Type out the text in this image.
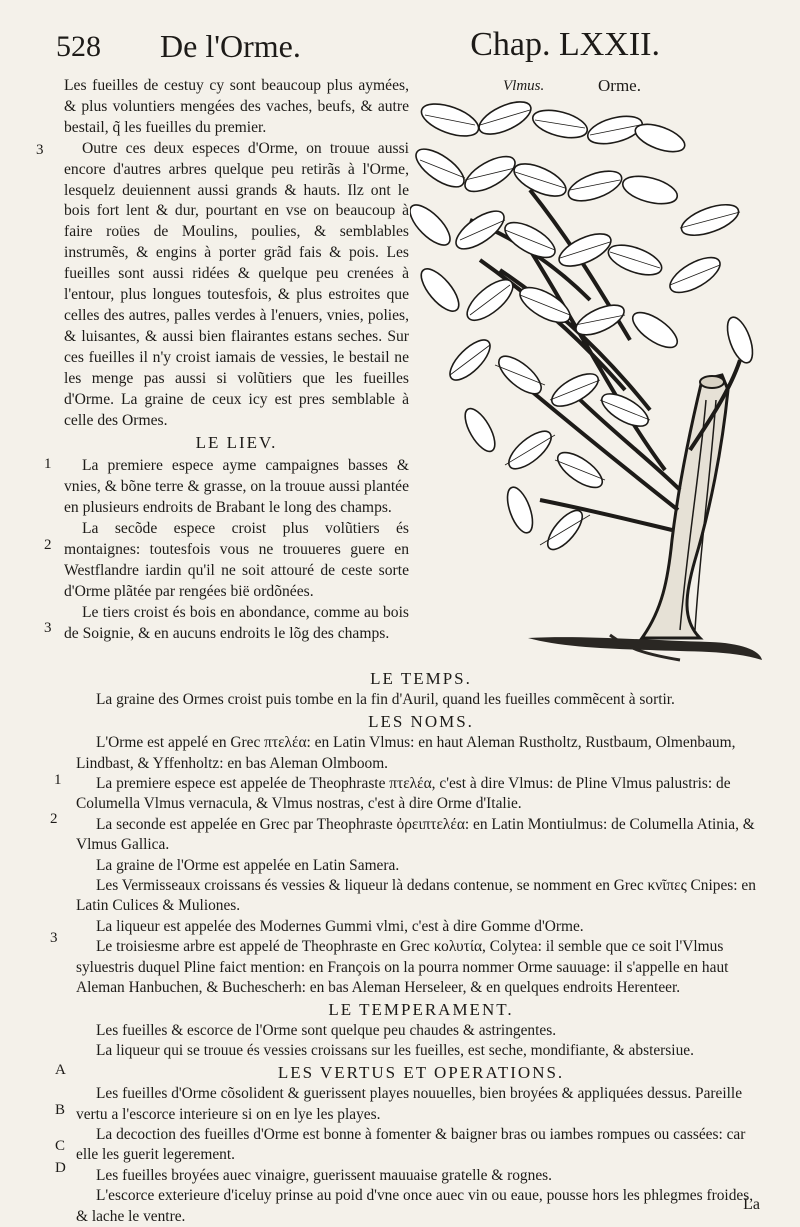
528 De l'Orme.	Chap. LXXII.
Vlmus.	Orme.
3
1
2
3

Les fueilles de cestuy cy sont beaucoup plus aymées, & plus voluntiers mengées des vaches, beufs, & autre bestail, q̃ les fueilles du premier.

Outre ces deux especes d'Orme, on trouue aussi encore d'autres arbres quelque peu retirãs à l'Orme, lesquelz deuiennent aussi grands & hauts. Ilz ont le bois fort lent & dur, pourtant en vse on beaucoup à faire roües de Moulins, poulies, & semblables instrumẽs, & engins à porter grãd fais & pois. Les fueilles sont aussi ridées & quelque peu crenées à l'entour, plus longues toutesfois, & plus estroites que celles des autres, palles verdes à l'enuers, vnies, polies, & luisantes, & aussi bien flairantes estans seches. Sur ces fueilles il n'y croist iamais de vessies, le bestail ne les menge pas aussi si volũtiers que les fueilles d'Orme. La graine de ceux icy est pres semblable à celle des Ormes.

LE LIEV.

La premiere espece ayme campaignes basses & vnies, & bõne terre & grasse, on la trouue aussi plantée en plusieurs endroits de Brabant le long des champs.

La secõde espece croist plus volũtiers és montaignes: toutesfois vous ne trouueres guere en Westflandre iardin qu'il ne soit attouré de ceste sorte d'Orme plãtée par rengées bië ordõnées.

Le tiers croist és bois en abondance, comme au bois de Soignie, & en aucuns endroits le lõg des champs.

1
2
3
A
B
C
D
LE TEMPS.

La graine des Ormes croist puis tombe en la fin d'Auril, quand les fueilles commẽcent à sortir.

LES NOMS.

L'Orme est appelé en Grec πτελέα: en Latin Vlmus: en haut Aleman Rustholtz, Rustbaum, Olmenbaum, Lindbast, & Yffenholtz: en bas Aleman Olmboom.

La premiere espece est appelée de Theophraste πτελέα, c'est à dire Vlmus: de Pline Vlmus palustris: de Columella Vlmus vernacula, & Vlmus nostras, c'est à dire Orme d'Italie.

La seconde est appelée en Grec par Theophraste ὀρειπτελέα: en Latin Montiulmus: de Columella Atinia, & Vlmus Gallica.

La graine de l'Orme est appelée en Latin Samera.

Les Vermisseaux croissans és vessies & liqueur là dedans contenue, se nomment en Grec κνῖπες Cnipes: en Latin Culices & Muliones.

La liqueur est appelée des Modernes Gummi vlmi, c'est à dire Gomme d'Orme.

Le troisiesme arbre est appelé de Theophraste en Grec κολυτία, Colytea: il semble que ce soit l'Vlmus syluestris duquel Pline faict mention: en François on la pourra nommer Orme sauuage: il s'appelle en haut Aleman Hanbuchen, & Buchescherh: en bas Aleman Herseleer, & en quelques endroits Herenteer.

LE TEMPERAMENT.

Les fueilles & escorce de l'Orme sont quelque peu chaudes & astringentes.

La liqueur qui se trouue és vessies croissans sur les fueilles, est seche, mondifiante, & abstersiue.

LES VERTUS ET OPERATIONS.

Les fueilles d'Orme cõsolident & guerissent playes nouuelles, bien broyées & appliquées dessus. Pareille vertu a l'escorce interieure si on en lye les playes.

La decoction des fueilles d'Orme est bonne à fomenter & baigner bras ou iambes rompues ou cassées: car elle les guerit legerement.

Les fueilles broyées auec vinaigre, guerissent mauuaise gratelle & rognes.

L'escorce exterieure d'iceluy prinse au poid d'vne once auec vin ou eaue, pousse hors les phlegmes froides, & lache le ventre.

La
